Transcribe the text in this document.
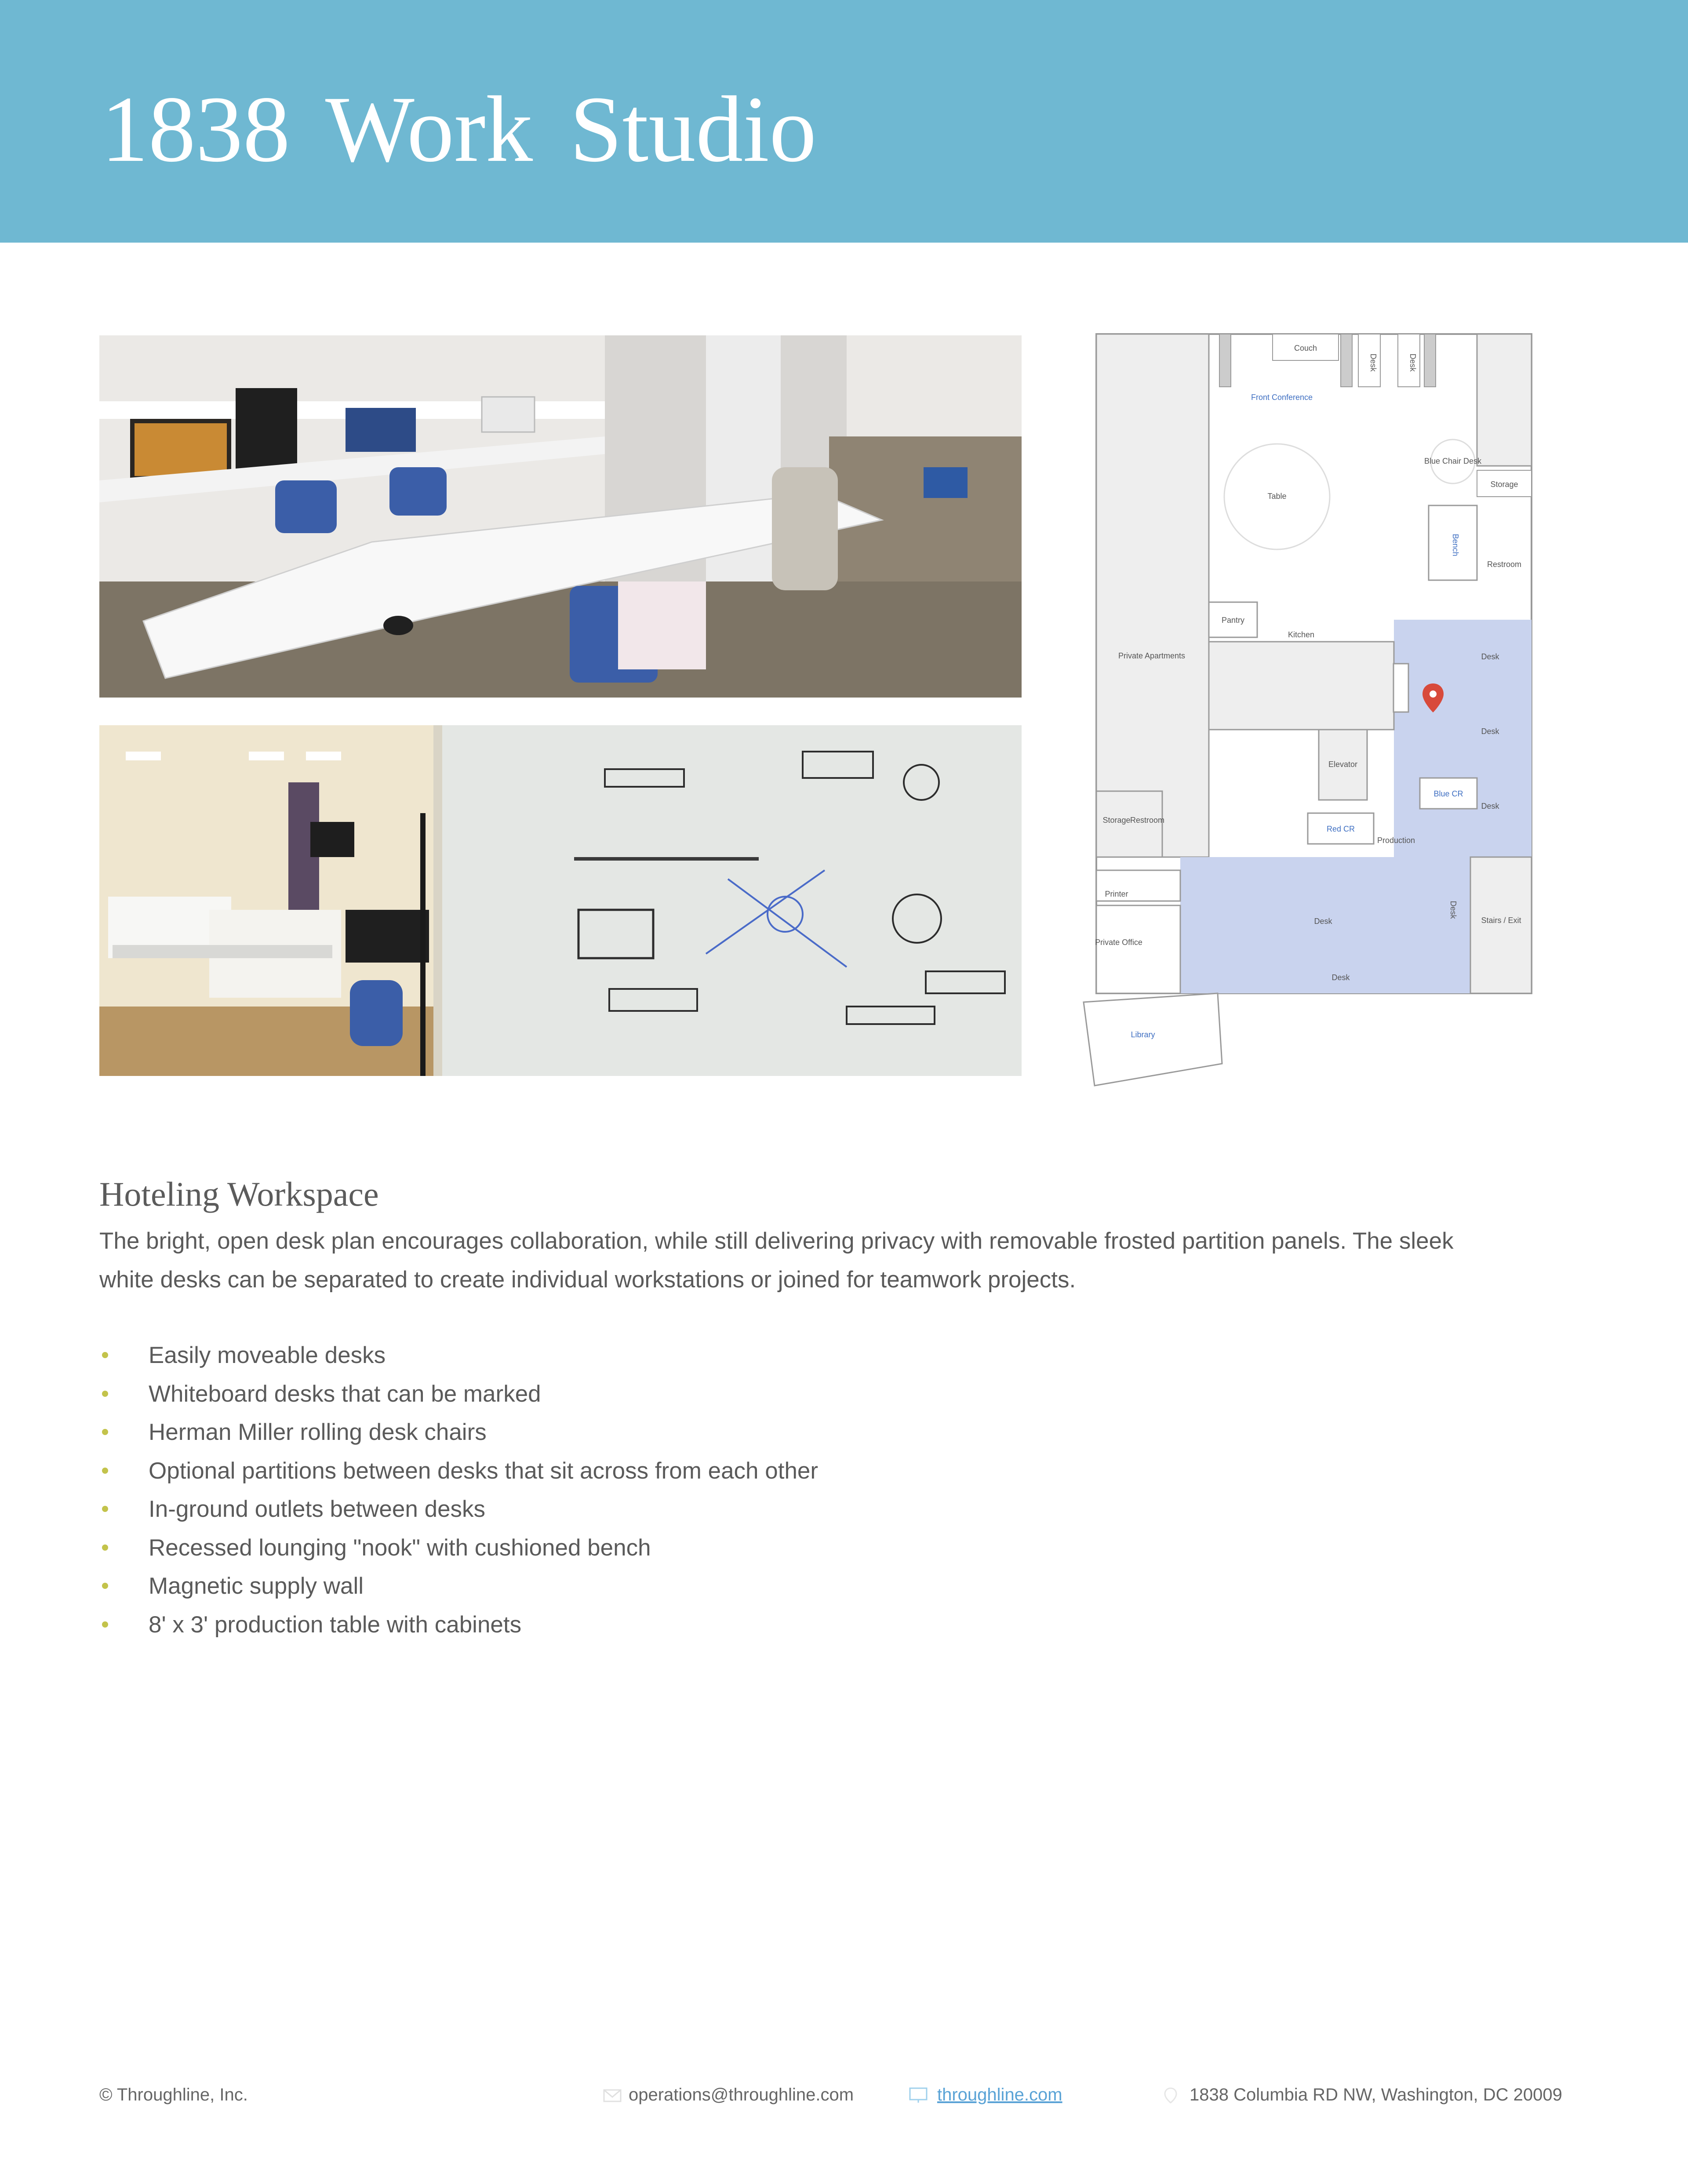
1838 Work Studio
Couch
Desk	Desk
Front Conference
Table
Blue Chair Desk
Storage
Bench
Restroom
Pantry
Kitchen
Private Apartments	Desk
Desk
Desk
Elevator
Blue CR
Red CR
Production
Storage Restroom
Printer
Private Office
Desk
Desk
Desk
Stairs / Exit
Library
Hoteling Workspace

The bright, open desk plan encourages collaboration, while still delivering privacy with removable frosted partition panels. The sleek white desks can be separated to create individual workstations or joined for teamwork projects.

Easily moveable desks
Whiteboard desks that can be marked
Herman Miller rolling desk chairs
Optional partitions between desks that sit across from each other
In-ground outlets between desks
Recessed lounging "nook" with cushioned bench
Magnetic supply wall
8' x 3' production table with cabinets
© Throughline, Inc.	operations@throughline.com	throughline.com	1838 Columbia RD NW, Washington, DC 20009
